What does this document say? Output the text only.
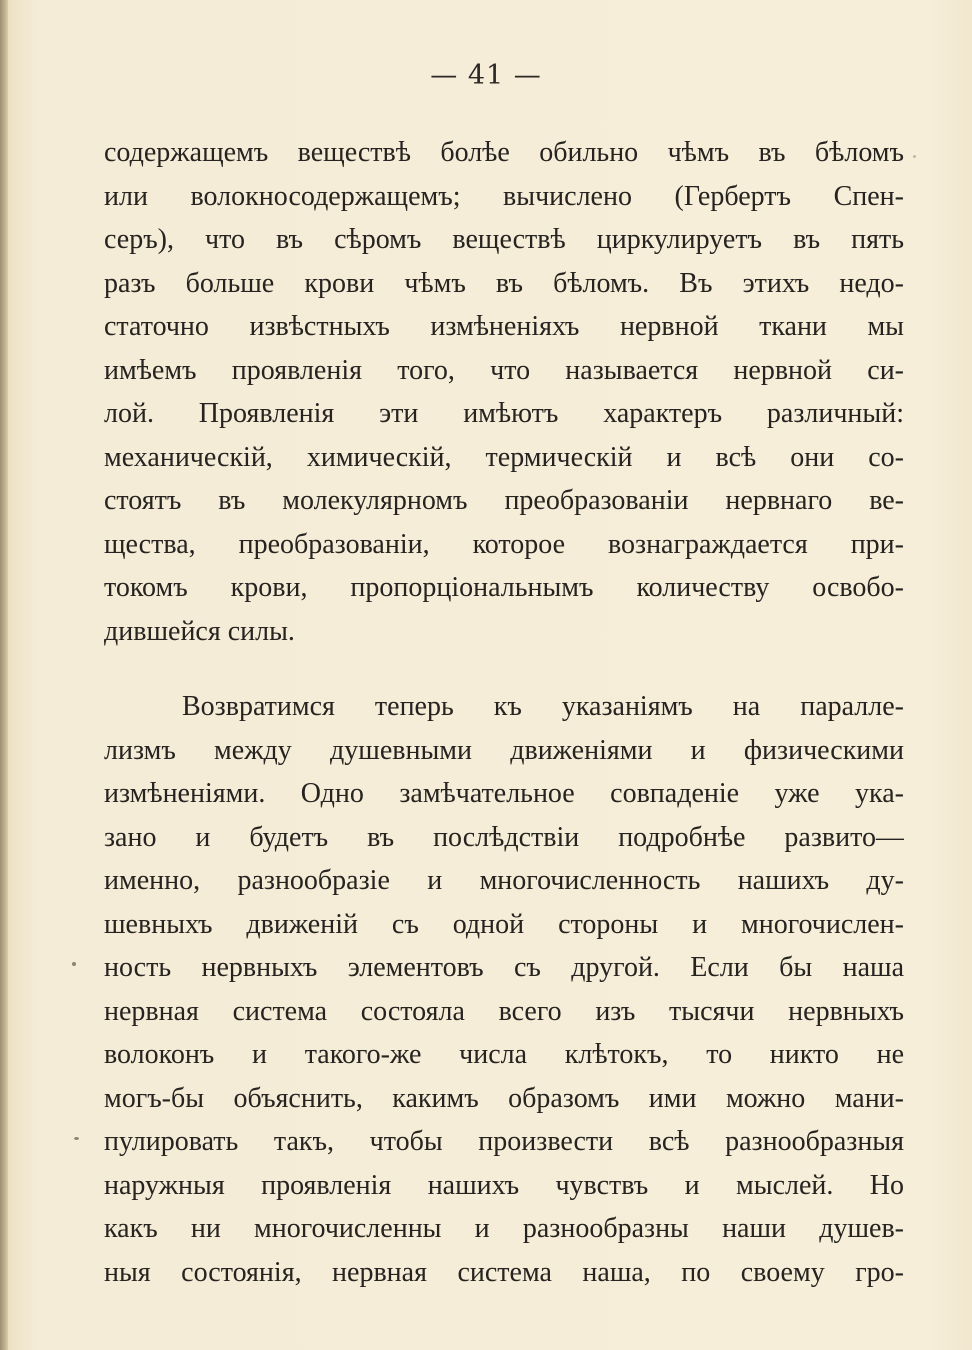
— 41 —
содержащемъ веществѣ болѣе обильно чѣмъ въ бѣломъ
или волокносодержащемъ; вычислено (Гербертъ Спен-
серъ), что въ сѣромъ веществѣ циркулируетъ въ пять
разъ больше крови чѣмъ въ бѣломъ. Въ этихъ недо-
статочно извѣстныхъ измѣненіяхъ нервной ткани мы
имѣемъ проявленія того, что называется нервной си-
лой. Проявленія эти имѣютъ характеръ различный:
механическій, химическій, термическій и всѣ они со-
стоятъ въ молекулярномъ преобразованіи нервнаго ве-
щества, преобразованіи, которое вознаграждается при-
токомъ крови, пропорціональнымъ количеству освобо-
дившейся силы.
Возвратимся теперь къ указаніямъ на паралле-
лизмъ между душевными движеніями и физическими
измѣненіями. Одно замѣчательное совпаденіе уже ука-
зано и будетъ въ послѣдствіи подробнѣе развито—
именно, разнообразіе и многочисленность нашихъ ду-
шевныхъ движеній съ одной стороны и многочислен-
ность нервныхъ элементовъ съ другой. Если бы наша
нервная система состояла всего изъ тысячи нервныхъ
волоконъ и такого-же числа клѣтокъ, то никто не
могъ-бы объяснить, какимъ образомъ ими можно мани-
пулировать такъ, чтобы произвести всѣ разнообразныя
наружныя проявленія нашихъ чувствъ и мыслей. Но
какъ ни многочисленны и разнообразны наши душев-
ныя состоянія, нервная система наша, по своему гро-
